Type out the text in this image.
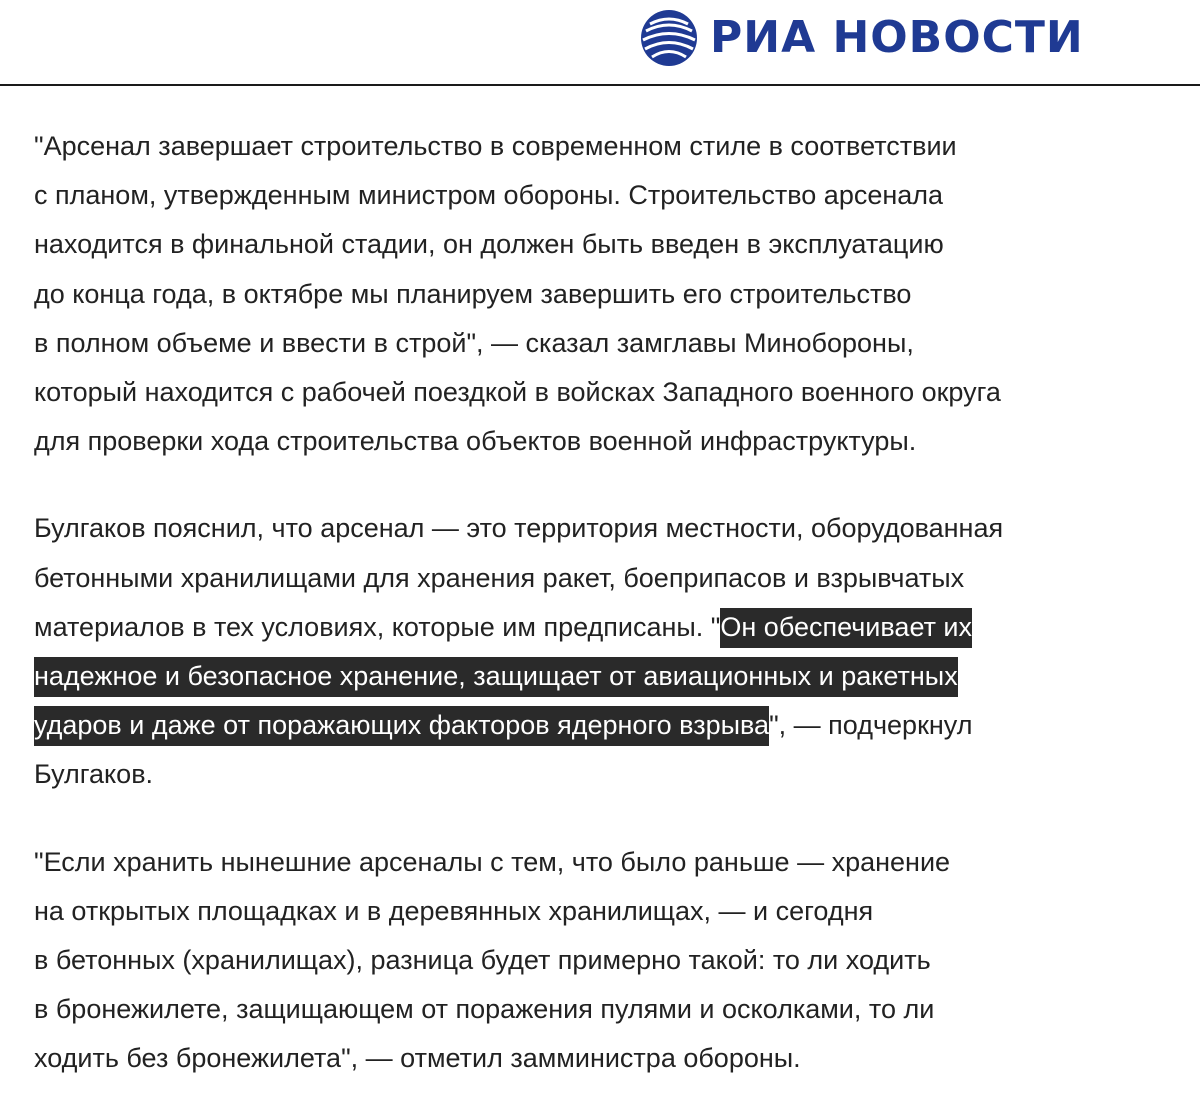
РИА НОВОСТИ

"Арсенал завершает строительство в современном стиле в соответствии
с планом, утвержденным министром обороны. Строительство арсенала
находится в финальной стадии, он должен быть введен в эксплуатацию
до конца года, в октябре мы планируем завершить его строительство
в полном объеме и ввести в строй", — сказал замглавы Минобороны,
который находится с рабочей поездкой в войсках Западного военного округа
для проверки хода строительства объектов военной инфраструктуры.

Булгаков пояснил, что арсенал — это территория местности, оборудованная
бетонными хранилищами для хранения ракет, боеприпасов и взрывчатых
материалов в тех условиях, которые им предписаны. "Он обеспечивает их
надежное и безопасное хранение, защищает от авиационных и ракетных
ударов и даже от поражающих факторов ядерного взрыва", — подчеркнул
Булгаков.

"Если хранить нынешние арсеналы с тем, что было раньше — хранение
на открытых площадках и в деревянных хранилищах, — и сегодня
в бетонных (хранилищах), разница будет примерно такой: то ли ходить
в бронежилете, защищающем от поражения пулями и осколками, то ли
ходить без бронежилета", — отметил замминистра обороны.
